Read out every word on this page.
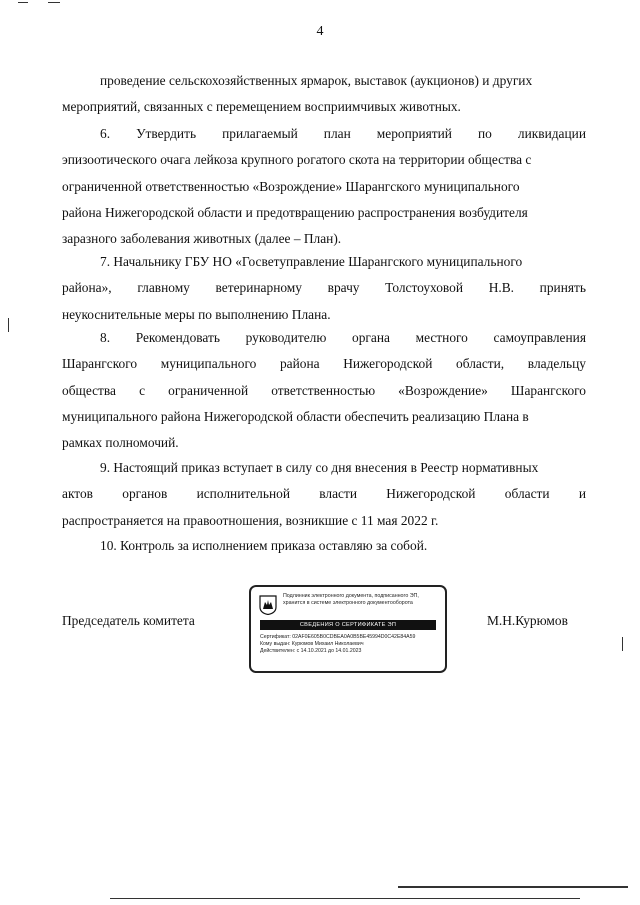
4
проведение сельскохозяйственных ярмарок, выставок (аукционов) и других
мероприятий, связанных с перемещением восприимчивых животных.
6. Утвердить прилагаемый план мероприятий по ликвидации
эпизоотического очага лейкоза крупного рогатого скота на территории общества с
ограниченной ответственностью «Возрождение» Шарангского муниципального
района Нижегородской области и предотвращению распространения возбудителя
заразного заболевания животных (далее – План).
7. Начальнику ГБУ НО «Госветуправление Шарангского муниципального
района», главному ветеринарному врачу Толстоуховой Н.В. принять
неукоснительные меры по выполнению Плана.
8. Рекомендовать руководителю органа местного самоуправления
Шарангского муниципального района Нижегородской области, владельцу
общества с ограниченной ответственностью «Возрождение» Шарангского
муниципального района Нижегородской области обеспечить реализацию Плана в
рамках полномочий.
9. Настоящий приказ вступает в силу со дня внесения в Реестр нормативных
актов органов исполнительной власти Нижегородской области и
распространяется на правоотношения, возникшие с 11 мая 2022 г.
10. Контроль за исполнением приказа оставляю за собой.
Председатель комитета	М.Н.Курюмов
Подлинник электронного документа, подписанного ЭП,
хранится в системе электронного документооборота
СВЕДЕНИЯ О СЕРТИФИКАТЕ ЭП
Сертификат: 02AF0E605B0CDBEA0A0B5BE45994D0C42E84A59
Кому выдан: Курюмов Михаил Николаевич
Действителен: с 14.10.2021 до 14.01.2023
